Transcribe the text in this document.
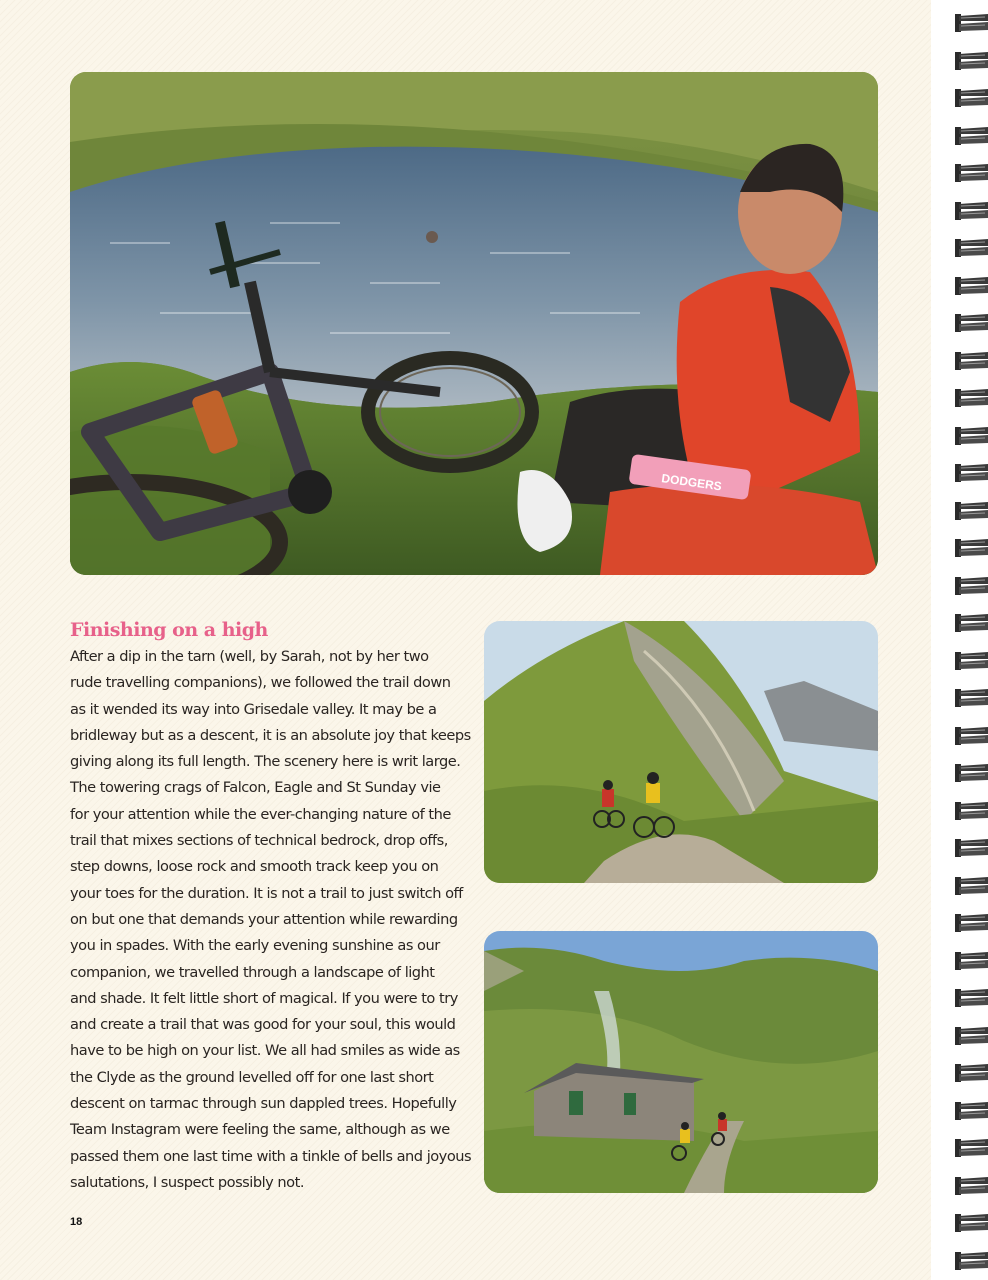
DODGERS
Finishing on a high

After a dip in the tarn (well, by Sarah, not by her two
rude travelling companions), we followed the trail down
as it wended its way into Grisedale valley. It may be a
bridleway but as a descent, it is an absolute joy that keeps
giving along its full length. The scenery here is writ large.
The towering crags of Falcon, Eagle and St Sunday vie
for your attention while the ever-changing nature of the
trail that mixes sections of technical bedrock, drop offs,
step downs, loose rock and smooth track keep you on
your toes for the duration. It is not a trail to just switch off
on but one that demands your attention while rewarding
you in spades. With the early evening sunshine as our
companion, we travelled through a landscape of light
and shade. It felt little short of magical. If you were to try
and create a trail that was good for your soul, this would
have to be high on your list. We all had smiles as wide as
the Clyde as the ground levelled off for one last short
descent on tarmac through sun dappled trees. Hopefully
Team Instagram were feeling the same, although as we
passed them one last time with a tinkle of bells and joyous
salutations, I suspect possibly not.

18
